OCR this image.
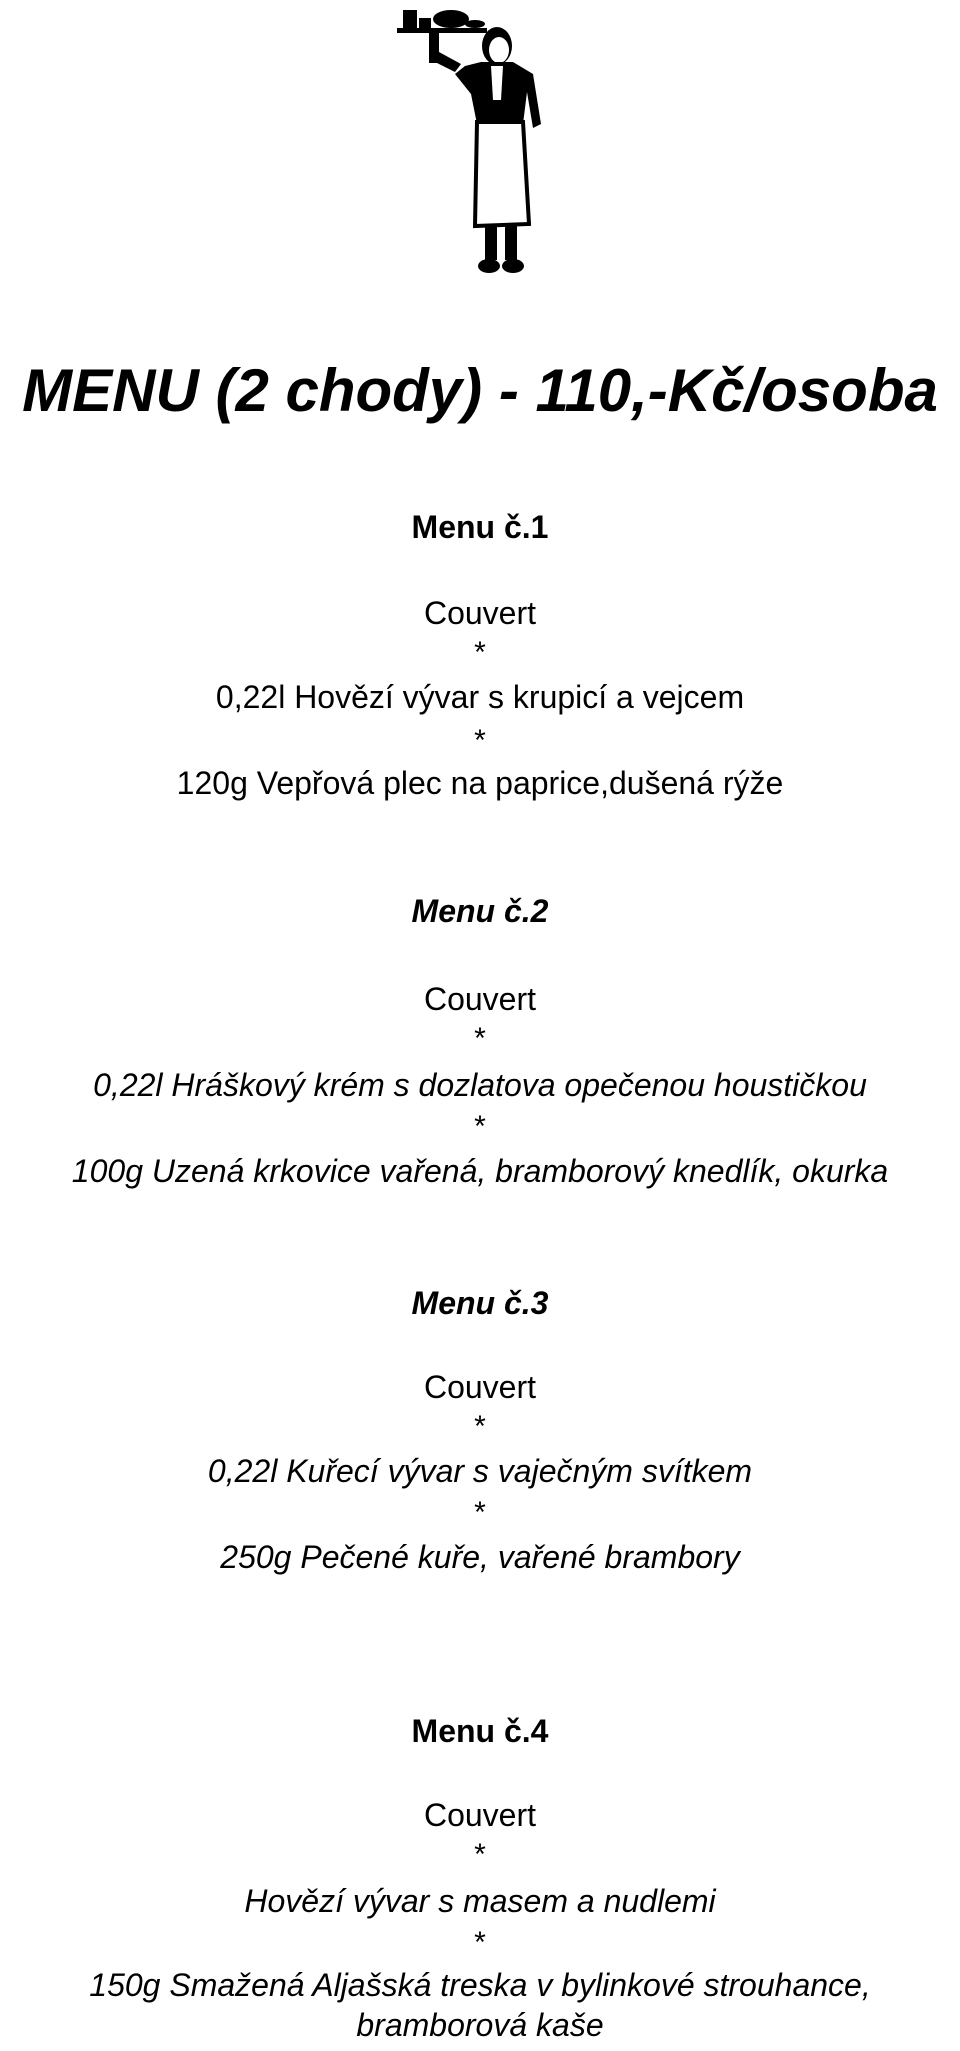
MENU (2 chody) - 110,-Kč/osoba
Menu č.1
Couvert
*
0,22l Hovězí vývar s krupicí a vejcem
*
120g Vepřová plec na paprice,dušená rýže
Menu č.2
Couvert
*
0,22l Hráškový krém s dozlatova opečenou houstičkou
*
100g Uzená krkovice vařená, bramborový knedlík, okurka
Menu č.3
Couvert
*
0,22l Kuřecí vývar s vaječným svítkem
*
250g Pečené kuře, vařené brambory
Menu č.4
Couvert
*
Hovězí vývar s masem a nudlemi
*
150g Smažená Aljašská treska v bylinkové strouhance,
bramborová kaše
